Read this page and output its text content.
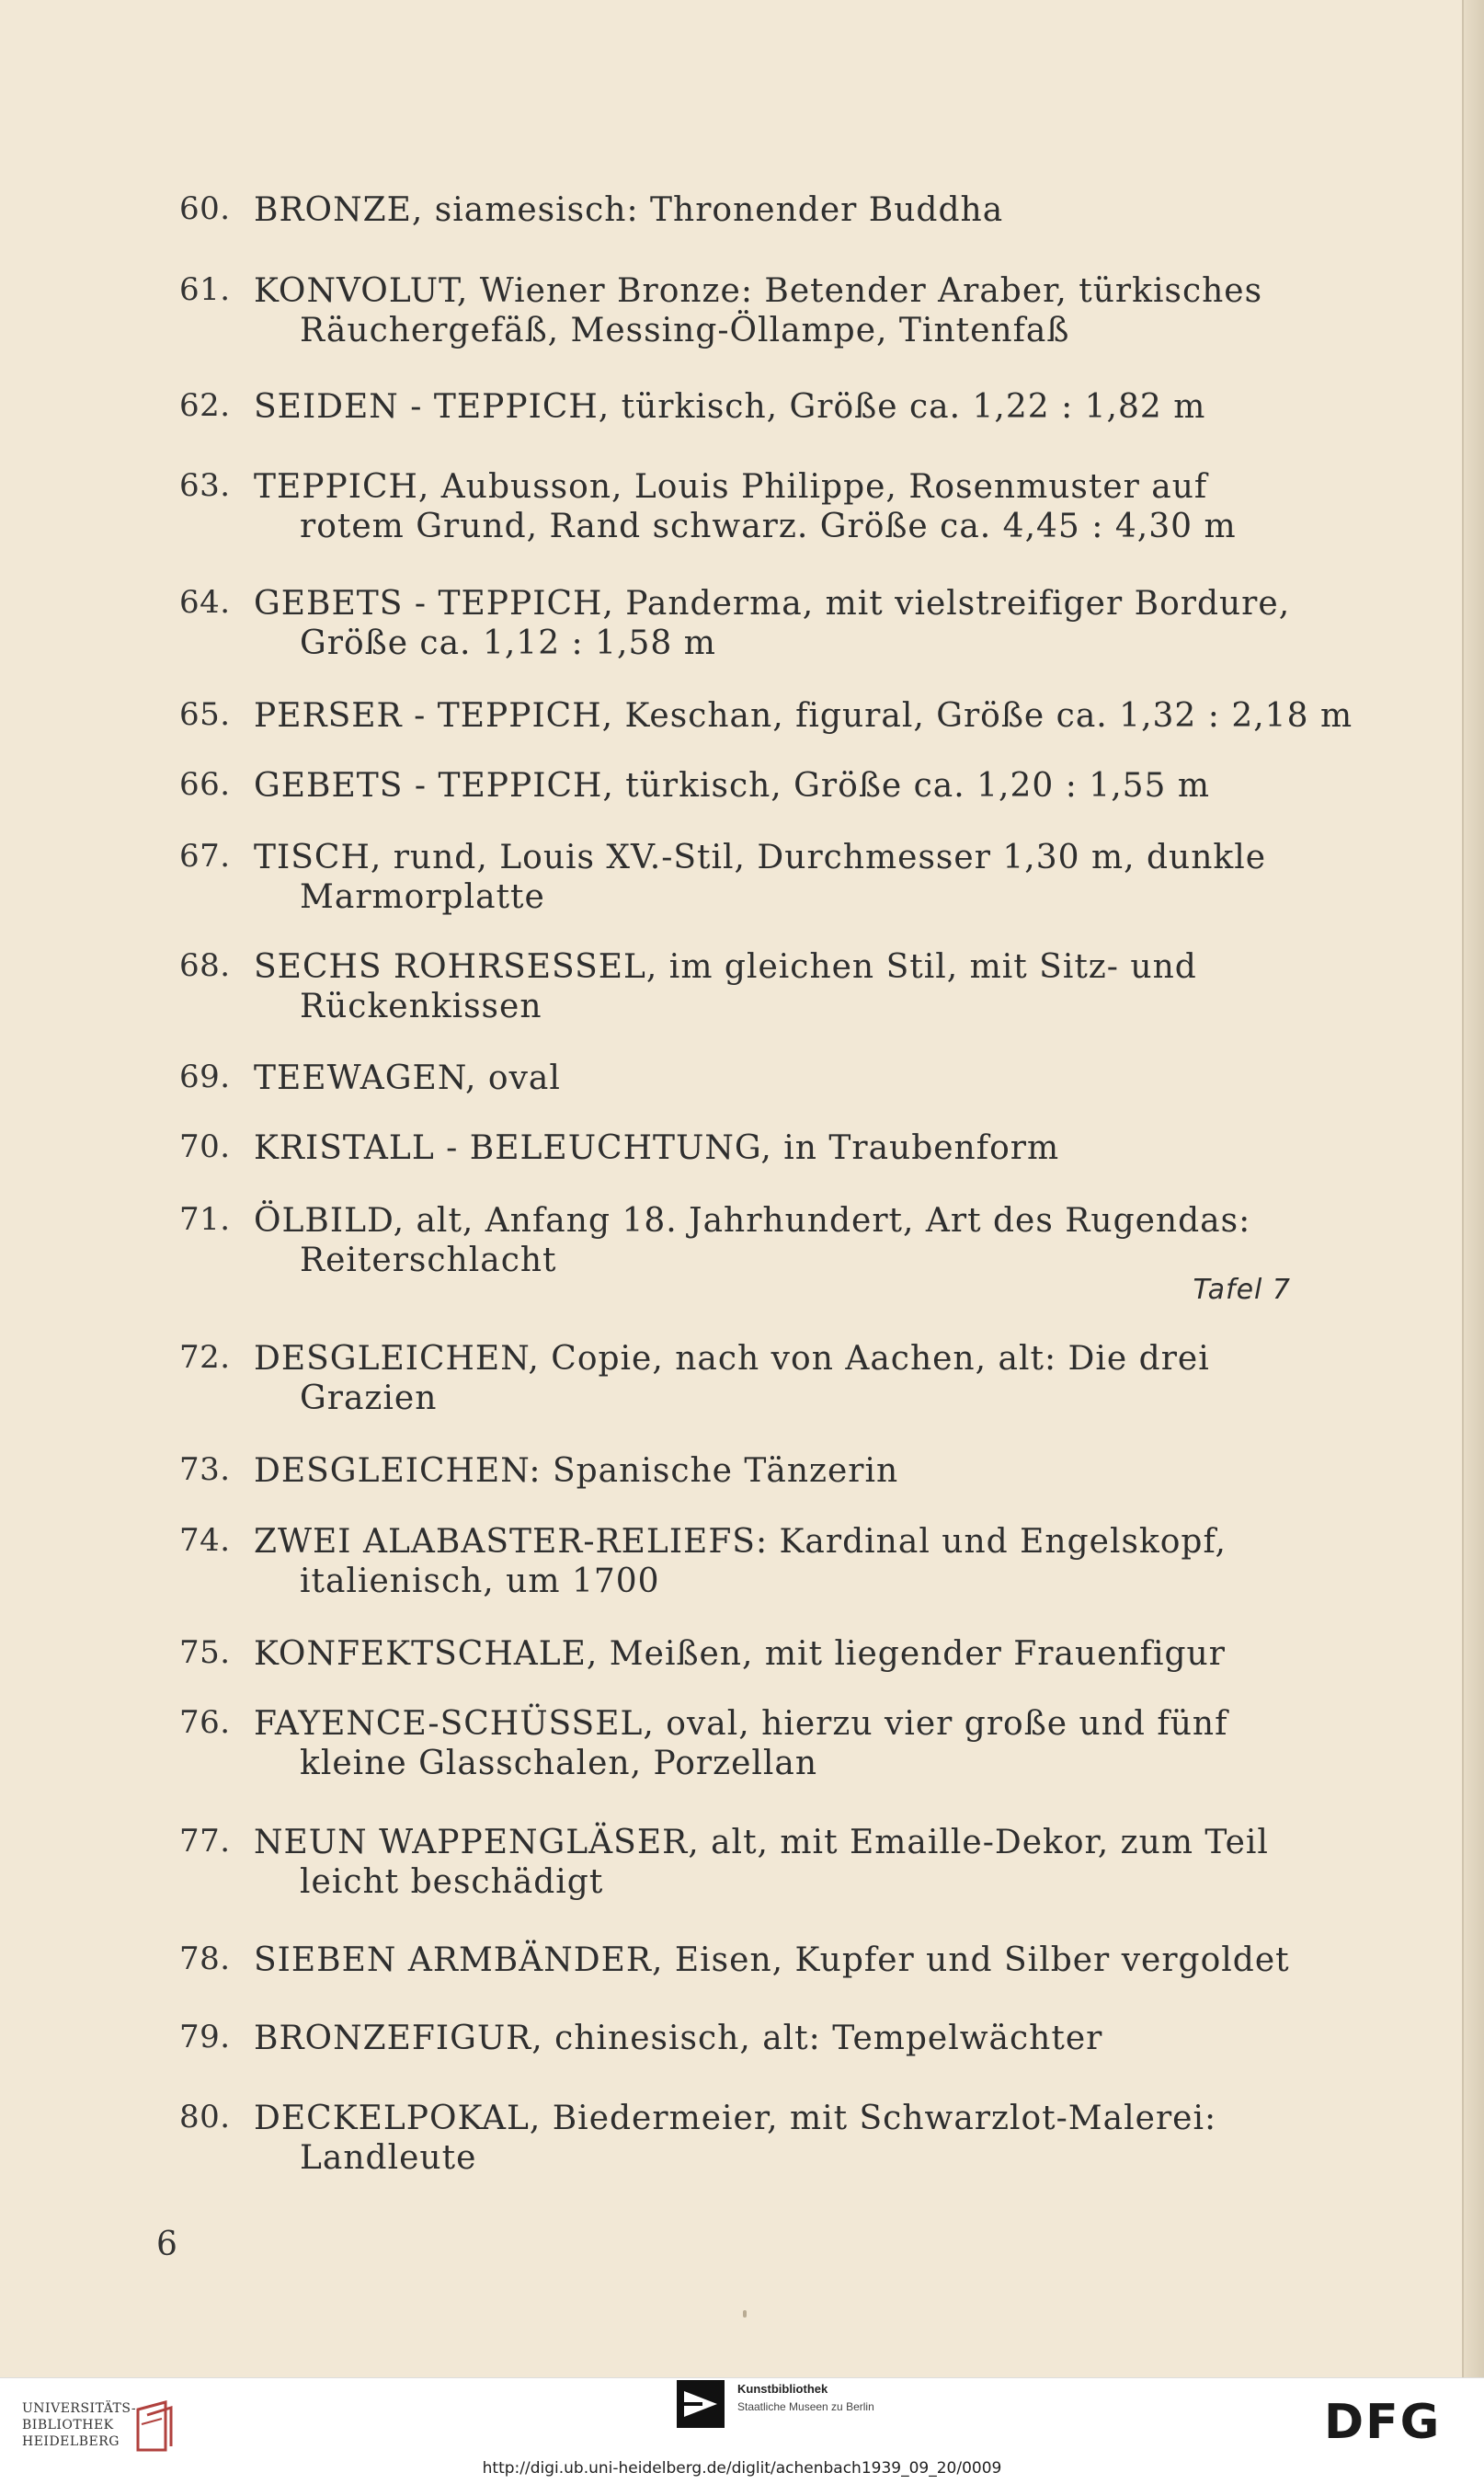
60. BRONZE, siamesisch: Thronender Buddha
61. KONVOLUT, Wiener Bronze: Betender Araber, türkisches
Räuchergefäß, Messing-Öllampe, Tintenfaß
62. SEIDEN - TEPPICH, türkisch, Größe ca. 1,22 : 1,82 m
63. TEPPICH, Aubusson, Louis Philippe, Rosenmuster auf
rotem Grund, Rand schwarz. Größe ca. 4,45 : 4,30 m
64. GEBETS - TEPPICH, Panderma, mit vielstreifiger Bordure,
Größe ca. 1,12 : 1,58 m
65. PERSER - TEPPICH, Keschan, figural, Größe ca. 1,32 : 2,18 m
66. GEBETS - TEPPICH, türkisch, Größe ca. 1,20 : 1,55 m
67. TISCH, rund, Louis XV.-Stil, Durchmesser 1,30 m, dunkle
Marmorplatte
68. SECHS ROHRSESSEL, im gleichen Stil, mit Sitz- und
Rückenkissen
69. TEEWAGEN, oval
70. KRISTALL - BELEUCHTUNG, in Traubenform
71. ÖLBILD, alt, Anfang 18. Jahrhundert, Art des Rugendas:
Reiterschlacht
Tafel 7
72. DESGLEICHEN, Copie, nach von Aachen, alt: Die drei
Grazien
73. DESGLEICHEN: Spanische Tänzerin
74. ZWEI ALABASTER-RELIEFS: Kardinal und Engelskopf,
italienisch, um 1700
75. KONFEKTSCHALE, Meißen, mit liegender Frauenfigur
76. FAYENCE-SCHÜSSEL, oval, hierzu vier große und fünf
kleine Glasschalen, Porzellan
77. NEUN WAPPENGLÄSER, alt, mit Emaille-Dekor, zum Teil
leicht beschädigt
78. SIEBEN ARMBÄNDER, Eisen, Kupfer und Silber vergoldet
79. BRONZEFIGUR, chinesisch, alt: Tempelwächter
80. DECKELPOKAL, Biedermeier, mit Schwarzlot-Malerei:
Landleute
6
UNIVERSITÄTS-
BIBLIOTHEK
HEIDELBERG
Kunstbibliothek
Staatliche Museen zu Berlin	DFG
http://digi.ub.uni-heidelberg.de/diglit/achenbach1939_09_20/0009
